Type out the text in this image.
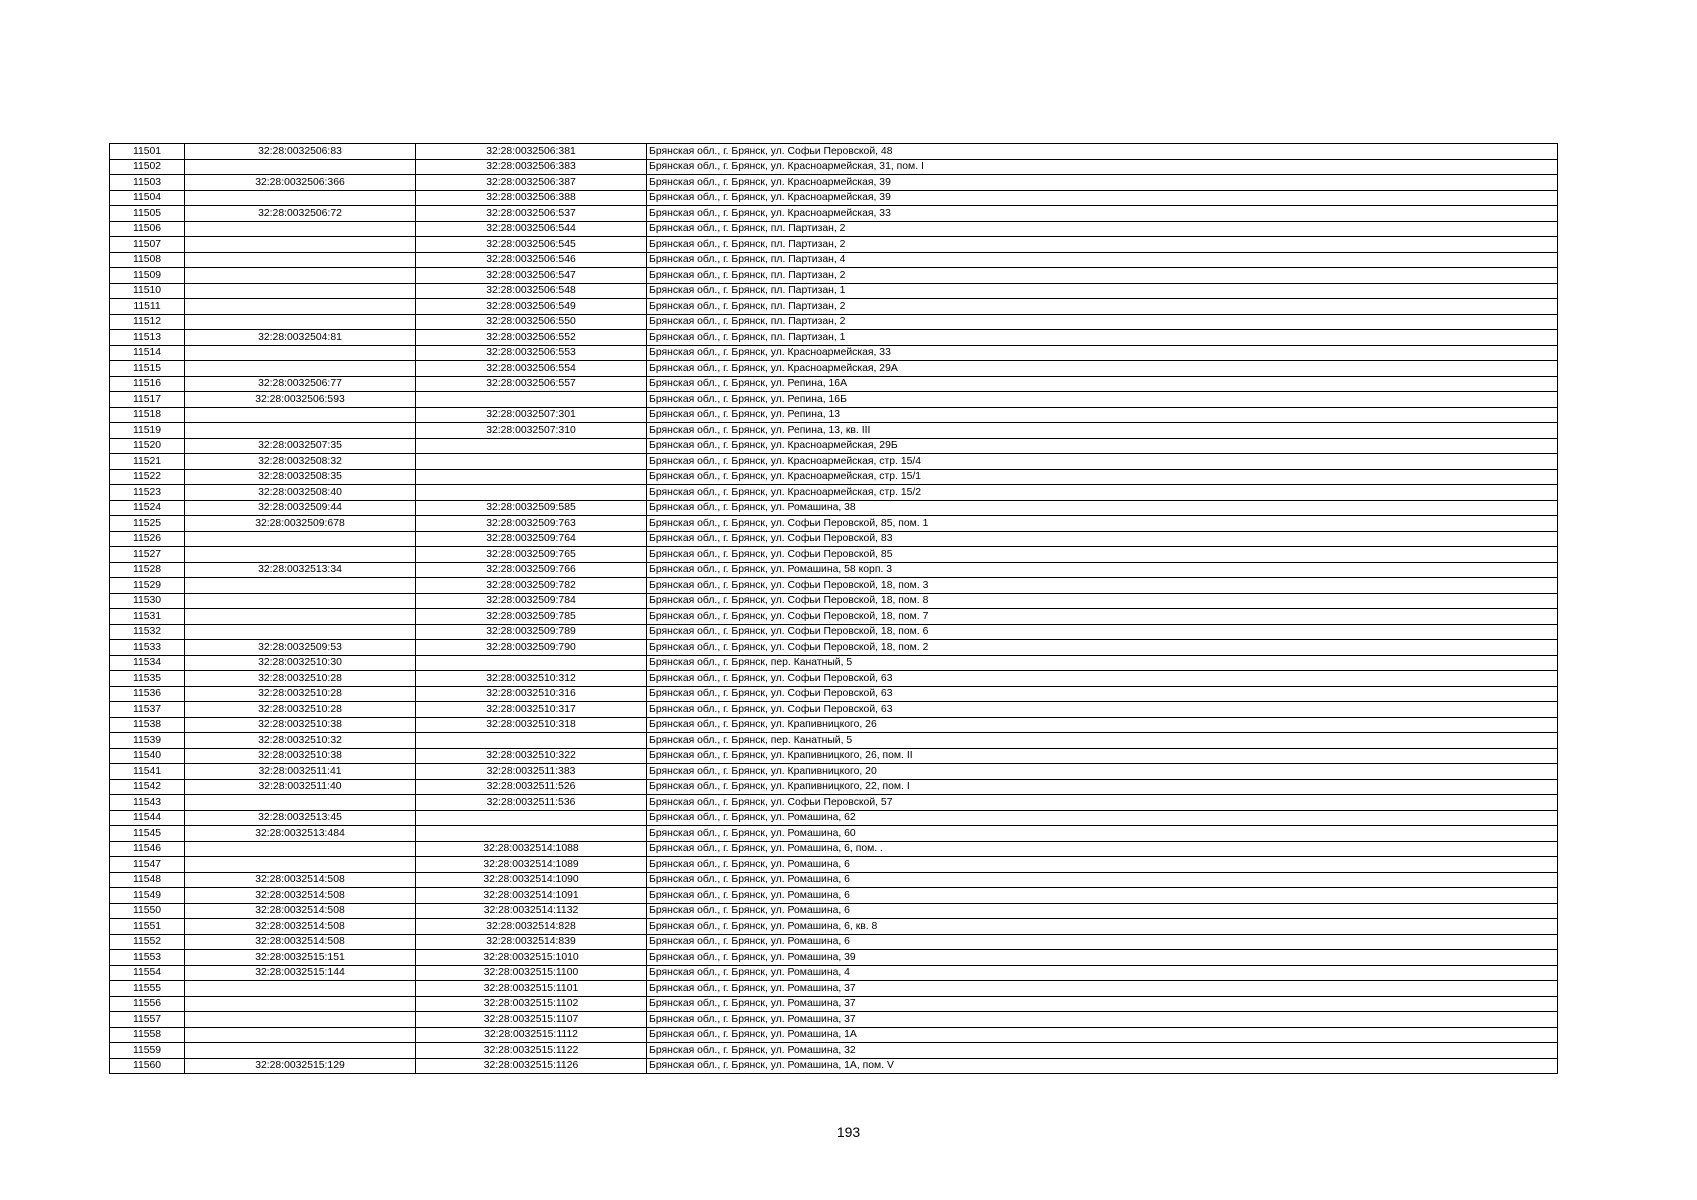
11501	32:28:0032506:83	32:28:0032506:381	Брянская обл., г. Брянск, ул. Софьи Перовской, 48
11502		32:28:0032506:383	Брянская обл., г. Брянск, ул. Красноармейская, 31, пом. I
11503	32:28:0032506:366	32:28:0032506:387	Брянская обл., г. Брянск, ул. Красноармейская, 39
11504		32:28:0032506:388	Брянская обл., г. Брянск, ул. Красноармейская, 39
11505	32:28:0032506:72	32:28:0032506:537	Брянская обл., г. Брянск, ул. Красноармейская, 33
11506		32:28:0032506:544	Брянская обл., г. Брянск, пл. Партизан, 2
11507		32:28:0032506:545	Брянская обл., г. Брянск, пл. Партизан, 2
11508		32:28:0032506:546	Брянская обл., г. Брянск, пл. Партизан, 4
11509		32:28:0032506:547	Брянская обл., г. Брянск, пл. Партизан, 2
11510		32:28:0032506:548	Брянская обл., г. Брянск, пл. Партизан, 1
11511		32:28:0032506:549	Брянская обл., г. Брянск, пл. Партизан, 2
11512		32:28:0032506:550	Брянская обл., г. Брянск, пл. Партизан, 2
11513	32:28:0032504:81	32:28:0032506:552	Брянская обл., г. Брянск, пл. Партизан, 1
11514		32:28:0032506:553	Брянская обл., г. Брянск, ул. Красноармейская, 33
11515		32:28:0032506:554	Брянская обл., г. Брянск, ул. Красноармейская, 29А
11516	32:28:0032506:77	32:28:0032506:557	Брянская обл., г. Брянск, ул. Репина, 16А
11517	32:28:0032506:593		Брянская обл., г. Брянск, ул. Репина, 16Б
11518		32:28:0032507:301	Брянская обл., г. Брянск, ул. Репина, 13
11519		32:28:0032507:310	Брянская обл., г. Брянск, ул. Репина, 13, кв. III
11520	32:28:0032507:35		Брянская обл., г. Брянск, ул. Красноармейская, 29Б
11521	32:28:0032508:32		Брянская обл., г. Брянск, ул. Красноармейская, стр. 15/4
11522	32:28:0032508:35		Брянская обл., г. Брянск, ул. Красноармейская, стр. 15/1
11523	32:28:0032508:40		Брянская обл., г. Брянск, ул. Красноармейская, стр. 15/2
11524	32:28:0032509:44	32:28:0032509:585	Брянская обл., г. Брянск, ул. Ромашина, 38
11525	32:28:0032509:678	32:28:0032509:763	Брянская обл., г. Брянск, ул. Софьи Перовской, 85, пом. 1
11526		32:28:0032509:764	Брянская обл., г. Брянск, ул. Софьи Перовской, 83
11527		32:28:0032509:765	Брянская обл., г. Брянск, ул. Софьи Перовской, 85
11528	32:28:0032513:34	32:28:0032509:766	Брянская обл., г. Брянск, ул. Ромашина, 58 корп. 3
11529		32:28:0032509:782	Брянская обл., г. Брянск, ул. Софьи Перовской, 18, пом. 3
11530		32:28:0032509:784	Брянская обл., г. Брянск, ул. Софьи Перовской, 18, пом. 8
11531		32:28:0032509:785	Брянская обл., г. Брянск, ул. Софьи Перовской, 18, пом. 7
11532		32:28:0032509:789	Брянская обл., г. Брянск, ул. Софьи Перовской, 18, пом. 6
11533	32:28:0032509:53	32:28:0032509:790	Брянская обл., г. Брянск, ул. Софьи Перовской, 18, пом. 2
11534	32:28:0032510:30		Брянская обл., г. Брянск, пер. Канатный, 5
11535	32:28:0032510:28	32:28:0032510:312	Брянская обл., г. Брянск, ул. Софьи Перовской, 63
11536	32:28:0032510:28	32:28:0032510:316	Брянская обл., г. Брянск, ул. Софьи Перовской, 63
11537	32:28:0032510:28	32:28:0032510:317	Брянская обл., г. Брянск, ул. Софьи Перовской, 63
11538	32:28:0032510:38	32:28:0032510:318	Брянская обл., г. Брянск, ул. Крапивницкого, 26
11539	32:28:0032510:32		Брянская обл., г. Брянск, пер. Канатный, 5
11540	32:28:0032510:38	32:28:0032510:322	Брянская обл., г. Брянск, ул. Крапивницкого, 26, пом. II
11541	32:28:0032511:41	32:28:0032511:383	Брянская обл., г. Брянск, ул. Крапивницкого, 20
11542	32:28:0032511:40	32:28:0032511:526	Брянская обл., г. Брянск, ул. Крапивницкого, 22, пом. I
11543		32:28:0032511:536	Брянская обл., г. Брянск, ул. Софьи Перовской, 57
11544	32:28:0032513:45		Брянская обл., г. Брянск, ул. Ромашина, 62
11545	32:28:0032513:484		Брянская обл., г. Брянск, ул. Ромашина, 60
11546		32:28:0032514:1088	Брянская обл., г. Брянск, ул. Ромашина, 6, пом. .
11547		32:28:0032514:1089	Брянская обл., г. Брянск, ул. Ромашина, 6
11548	32:28:0032514:508	32:28:0032514:1090	Брянская обл., г. Брянск, ул. Ромашина, 6
11549	32:28:0032514:508	32:28:0032514:1091	Брянская обл., г. Брянск, ул. Ромашина, 6
11550	32:28:0032514:508	32:28:0032514:1132	Брянская обл., г. Брянск, ул. Ромашина, 6
11551	32:28:0032514:508	32:28:0032514:828	Брянская обл., г. Брянск, ул. Ромашина, 6, кв. 8
11552	32:28:0032514:508	32:28:0032514:839	Брянская обл., г. Брянск, ул. Ромашина, 6
11553	32:28:0032515:151	32:28:0032515:1010	Брянская обл., г. Брянск, ул. Ромашина, 39
11554	32:28:0032515:144	32:28:0032515:1100	Брянская обл., г. Брянск, ул. Ромашина, 4
11555		32:28:0032515:1101	Брянская обл., г. Брянск, ул. Ромашина, 37
11556		32:28:0032515:1102	Брянская обл., г. Брянск, ул. Ромашина, 37
11557		32:28:0032515:1107	Брянская обл., г. Брянск, ул. Ромашина, 37
11558		32:28:0032515:1112	Брянская обл., г. Брянск, ул. Ромашина, 1А
11559		32:28:0032515:1122	Брянская обл., г. Брянск, ул. Ромашина, 32
11560	32:28:0032515:129	32:28:0032515:1126	Брянская обл., г. Брянск, ул. Ромашина, 1А, пом. V
193
